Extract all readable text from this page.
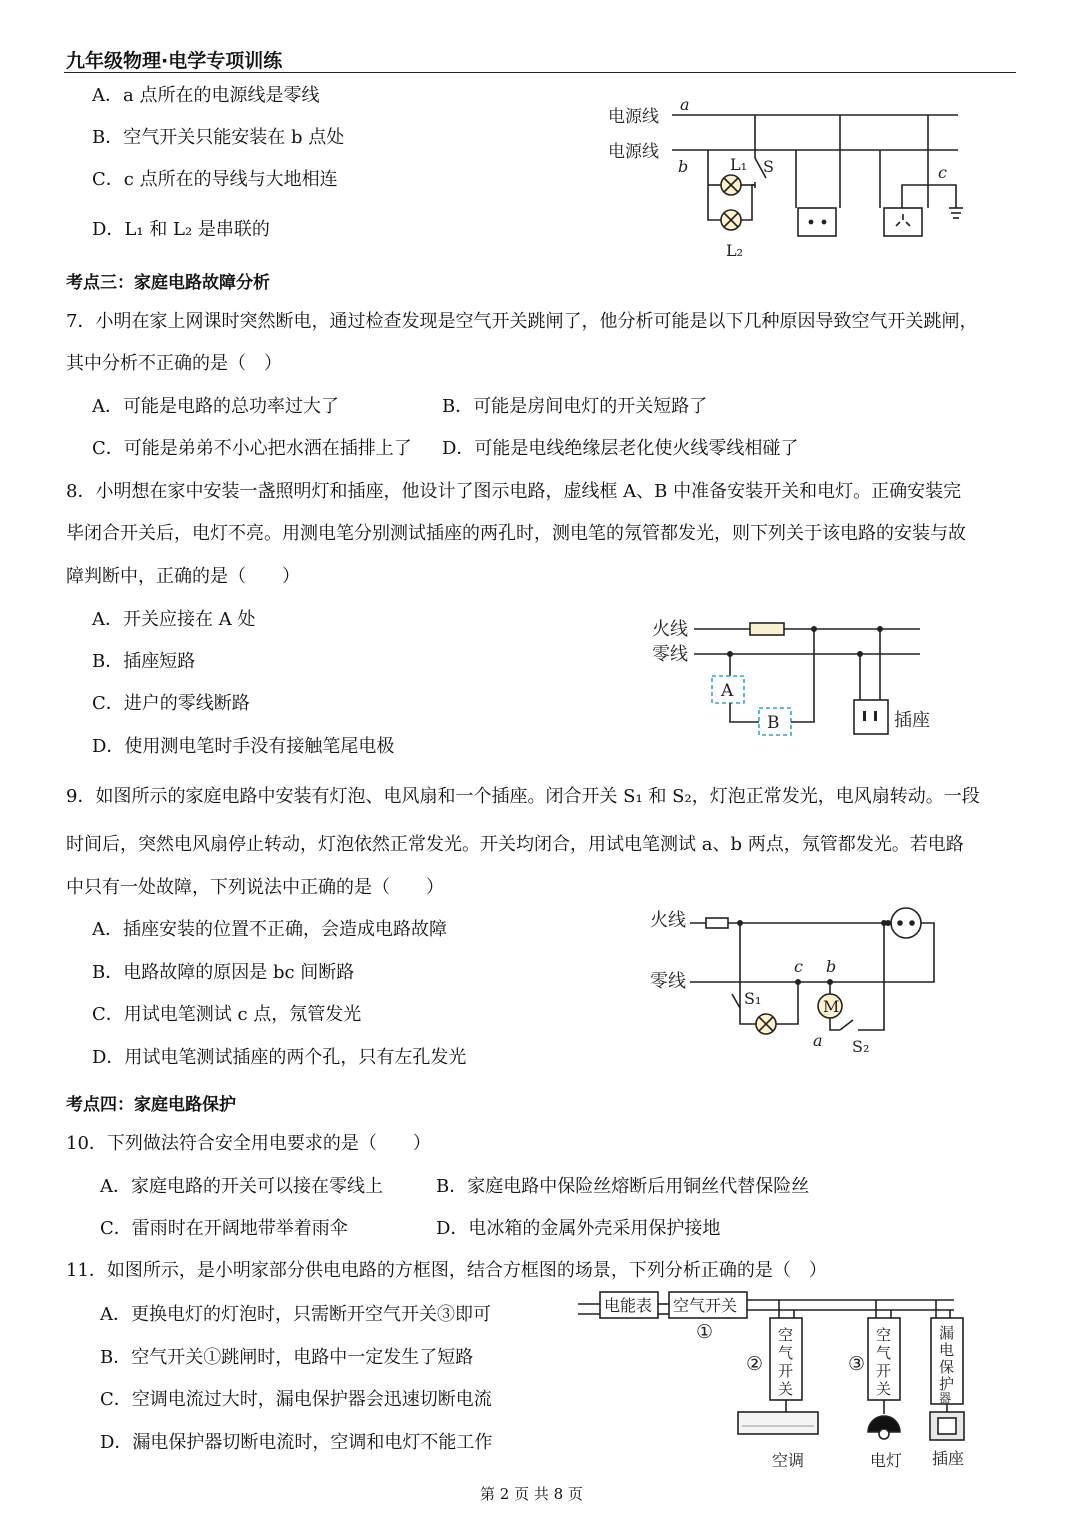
九年级物理·电学专项训练
A．a 点所在的电源线是零线
B．空气开关只能安装在 b 点处
C．c 点所在的导线与大地相连
D．L₁ 和 L₂ 是串联的
电源线
电源线
a
b	c
L₁ S
L₂
考点三：家庭电路故障分析
7．小明在家上网课时突然断电，通过检查发现是空气开关跳闸了，他分析可能是以下几种原因导致空气开关跳闸，
其中分析不正确的是（　）
A．可能是电路的总功率过大了	B．可能是房间电灯的开关短路了
C．可能是弟弟不小心把水洒在插排上了 D．可能是电线绝缘层老化使火线零线相碰了
8．小明想在家中安装一盏照明灯和插座，他设计了图示电路，虚线框 A、B 中准备安装开关和电灯。正确安装完
毕闭合开关后，电灯不亮。用测电笔分别测试插座的两孔时，测电笔的氖管都发光，则下列关于该电路的安装与故
障判断中，正确的是（　　）
A．开关应接在 A 处
B．插座短路
C．进户的零线断路
D．使用测电笔时手没有接触笔尾电极
火线
零线
A
B	插座
9．如图所示的家庭电路中安装有灯泡、电风扇和一个插座。闭合开关 S₁ 和 S₂，灯泡正常发光，电风扇转动。一段
时间后，突然电风扇停止转动，灯泡依然正常发光。开关均闭合，用试电笔测试 a、b 两点，氖管都发光。若电路
中只有一处故障，下列说法中正确的是（　　）
A．插座安装的位置不正确，会造成电路故障
B．电路故障的原因是 bc 间断路
C．用试电笔测试 c 点，氖管发光
D．用试电笔测试插座的两个孔，只有左孔发光
火线
零线
c b
M
a
S₁
S₂
考点四：家庭电路保护
10．下列做法符合安全用电要求的是（　　）
A．家庭电路的开关可以接在零线上	B．家庭电路中保险丝熔断后用铜丝代替保险丝
C．雷雨时在开阔地带举着雨伞	D．电冰箱的金属外壳采用保护接地
11．如图所示，是小明家部分供电电路的方框图，结合方框图的场景，下列分析正确的是（　）
A．更换电灯的灯泡时，只需断开空气开关③即可
B．空气开关①跳闸时，电路中一定发生了短路
C．空调电流过大时，漏电保护器会迅速切断电流
D．漏电保护器切断电流时，空调和电灯不能工作
电能表 空气开关
①	空
气
开
关
②
空
气
开
关
③
漏
电
保
护
器
空调	电灯 插座
第 2 页 共 8 页
